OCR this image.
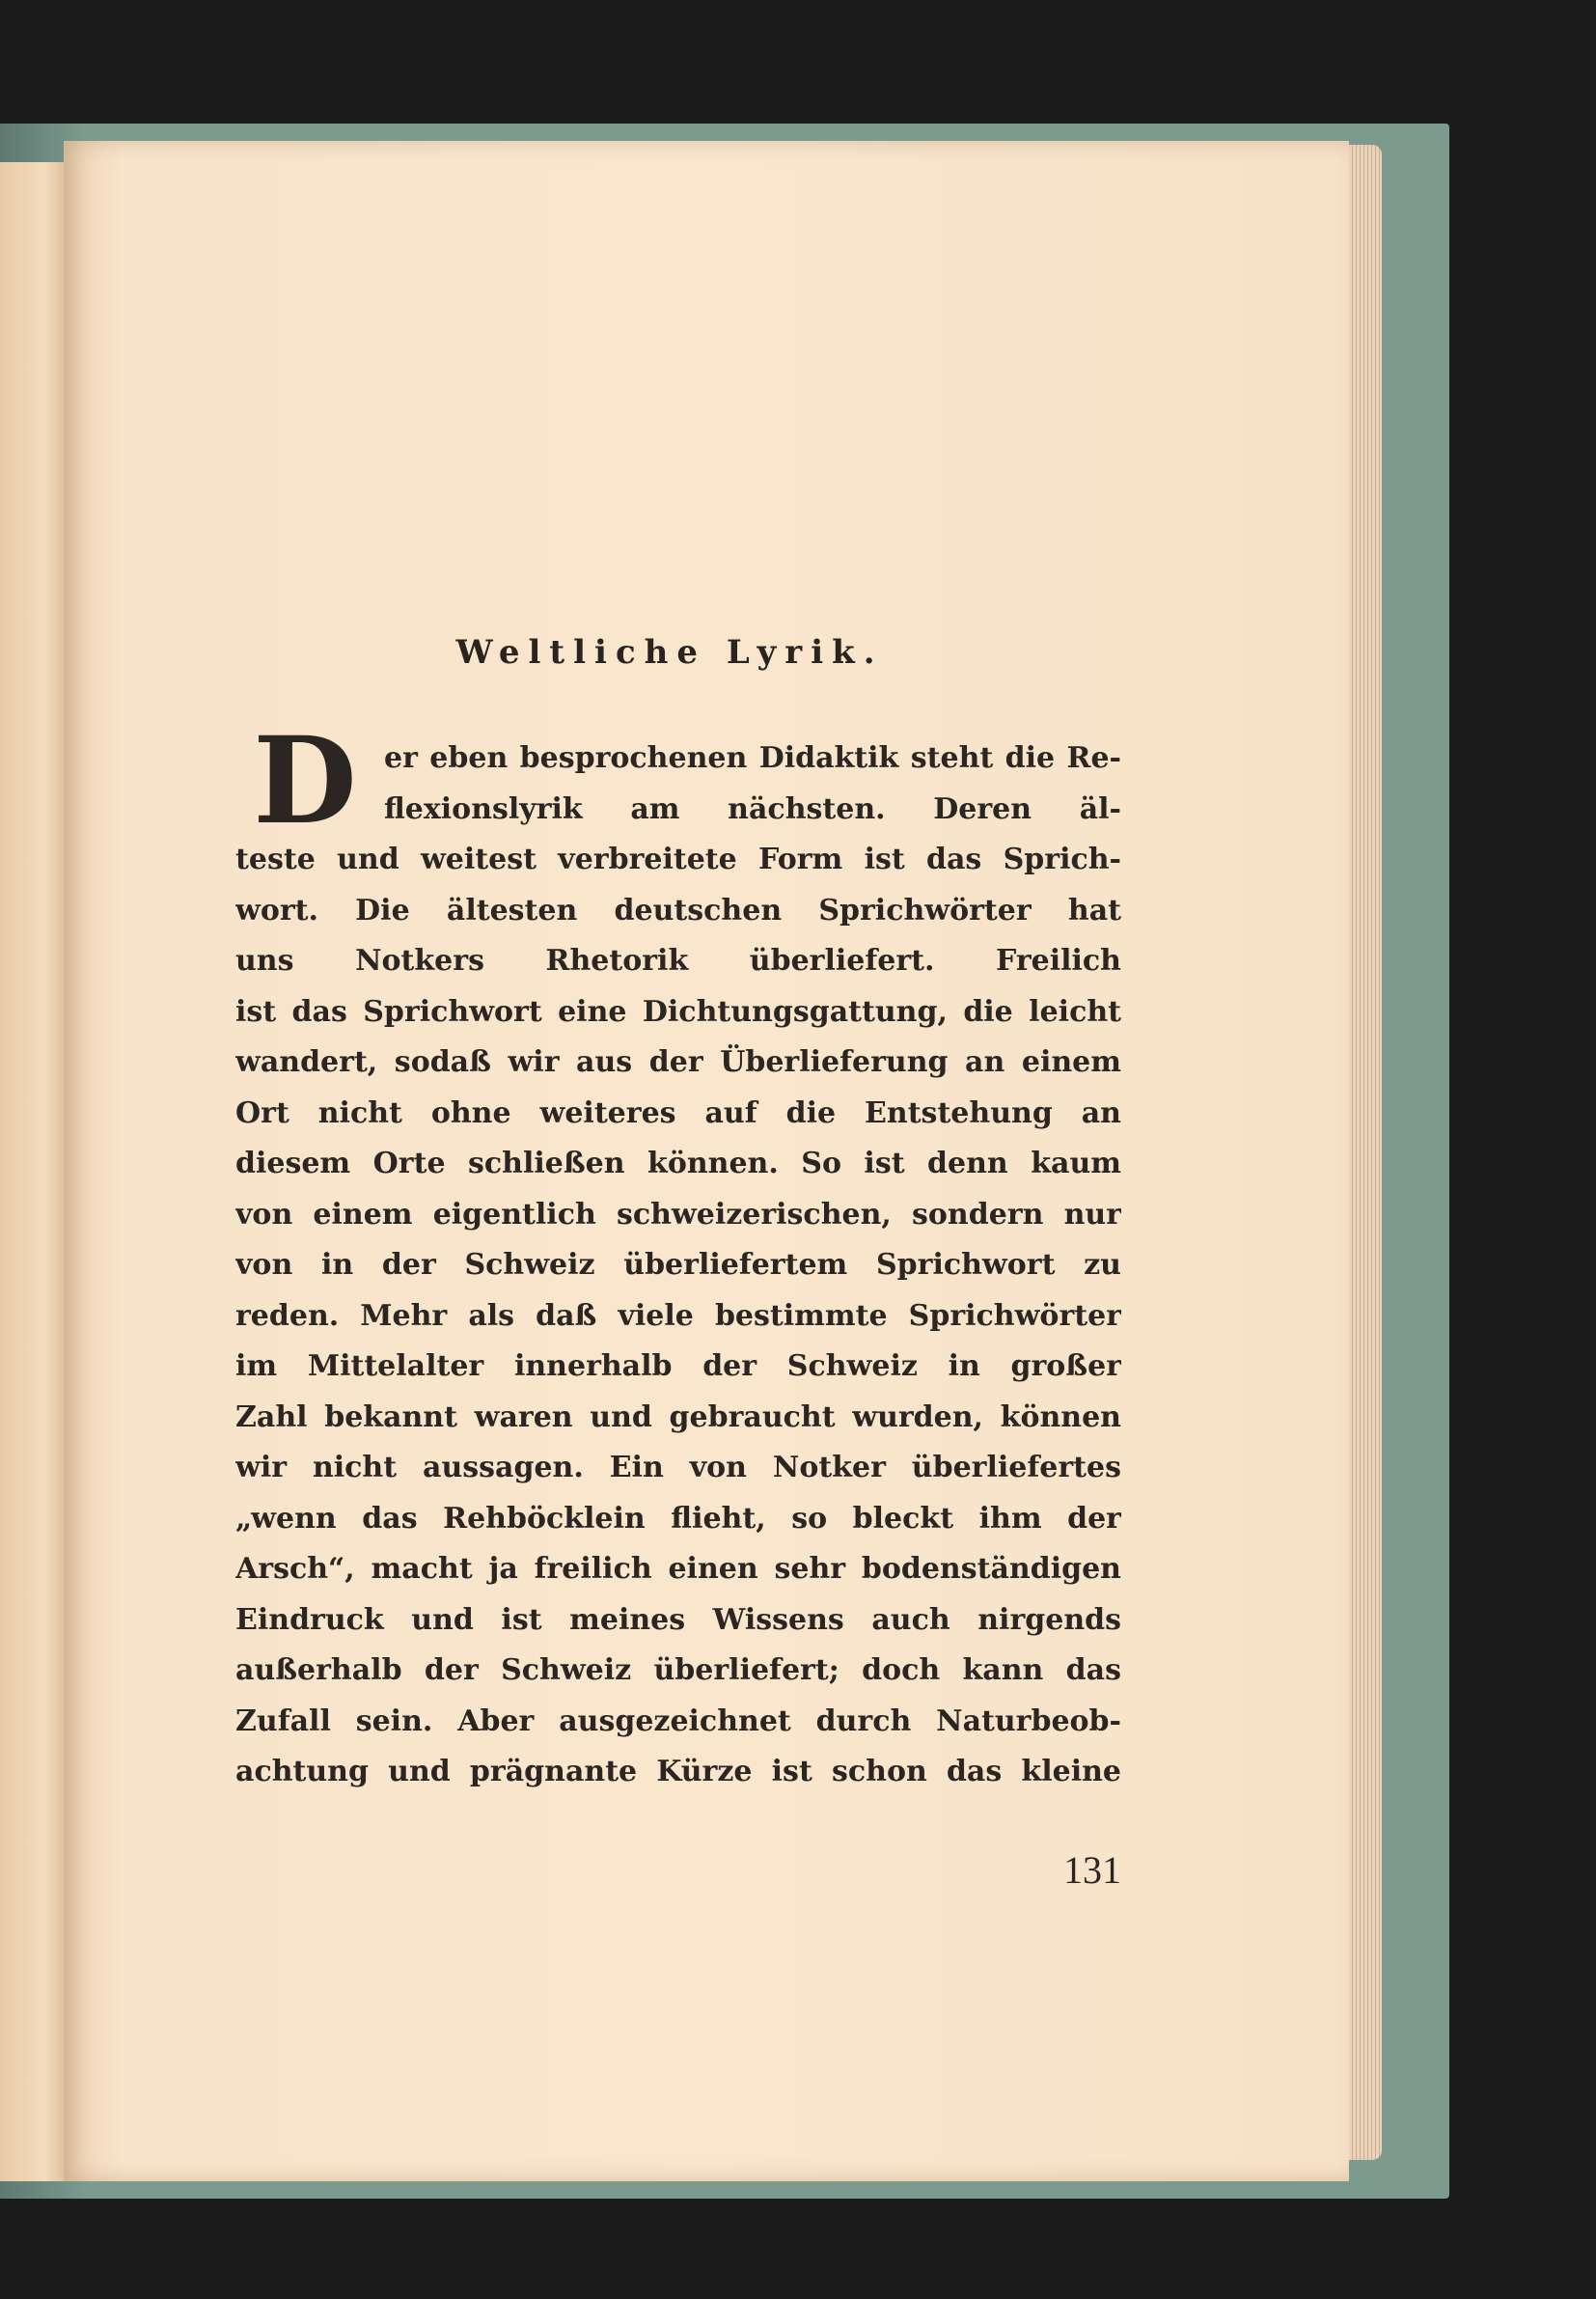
Weltliche Lyrik.
D er eben besprochenen Didaktik steht die Re-
flexionslyrik am nächsten. Deren äl-
teste und weitest verbreitete Form ist das Sprich-
wort. Die ältesten deutschen Sprichwörter hat
uns Notkers Rhetorik überliefert. Freilich
ist das Sprichwort eine Dichtungsgattung, die leicht
wandert, sodaß wir aus der Überlieferung an einem
Ort nicht ohne weiteres auf die Entstehung an
diesem Orte schließen können. So ist denn kaum
von einem eigentlich schweizerischen, sondern nur
von in der Schweiz überliefertem Sprichwort zu
reden. Mehr als daß viele bestimmte Sprichwörter
im Mittelalter innerhalb der Schweiz in großer
Zahl bekannt waren und gebraucht wurden, können
wir nicht aussagen. Ein von Notker überliefertes
„wenn das Rehböcklein flieht, so bleckt ihm der
Arsch“, macht ja freilich einen sehr bodenständigen
Eindruck und ist meines Wissens auch nirgends
außerhalb der Schweiz überliefert; doch kann das
Zufall sein. Aber ausgezeichnet durch Naturbeob-
achtung und prägnante Kürze ist schon das kleine
131
